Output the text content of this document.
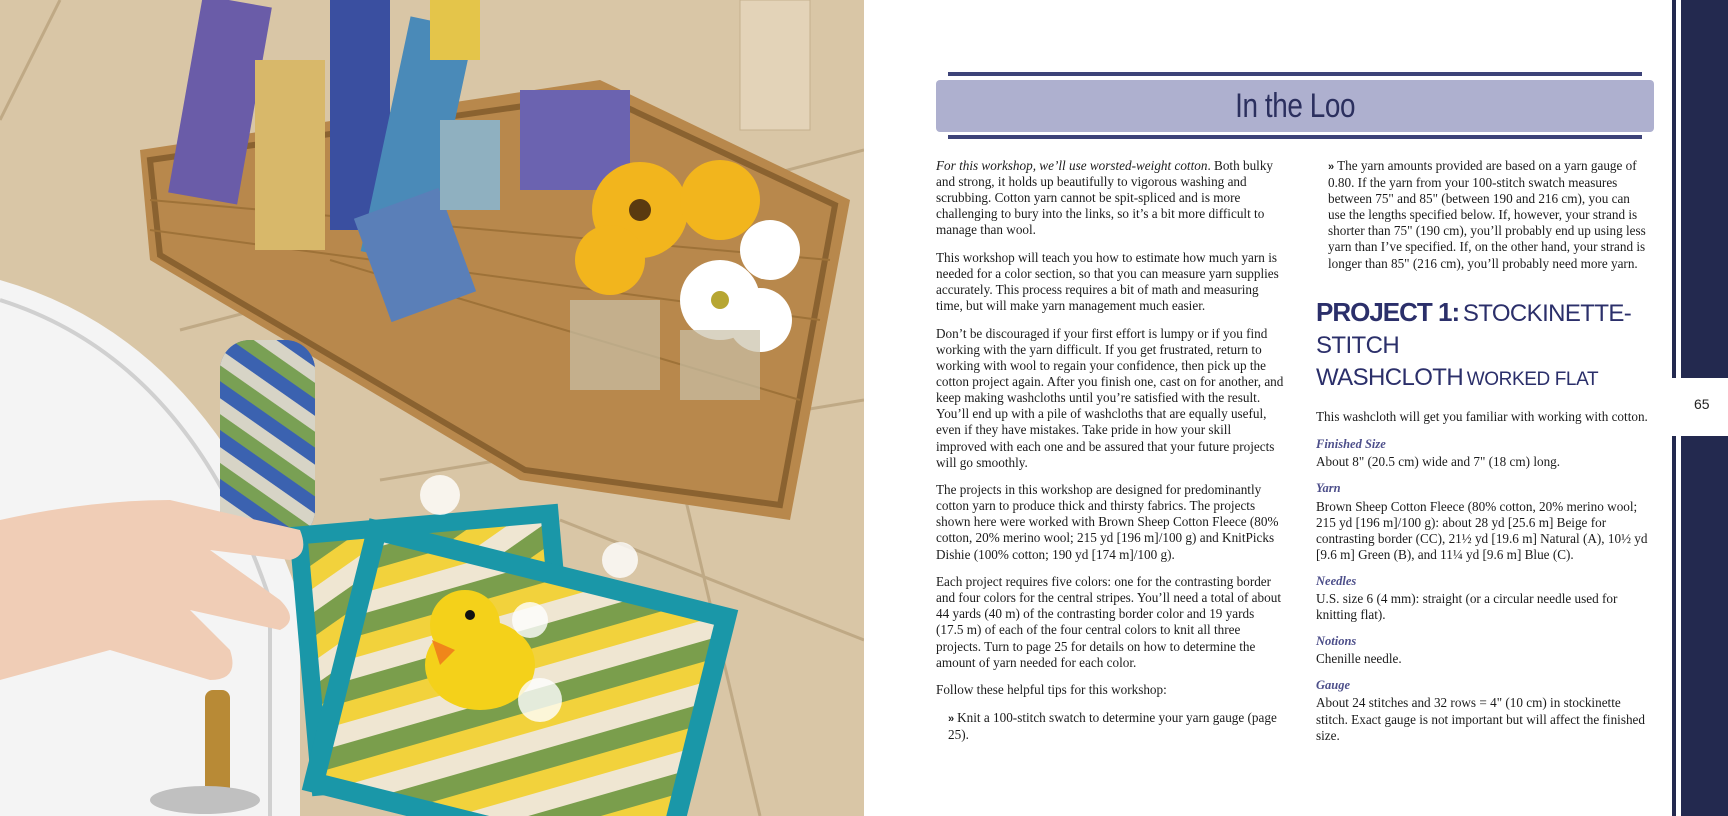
In the Loo

For this workshop, we’ll use worsted-weight cotton. Both bulky and strong, it holds up beautifully to vigorous washing and scrubbing. Cotton yarn cannot be spit-spliced and is more challenging to bury into the links, so it’s a bit more difficult to manage than wool.

This workshop will teach you how to estimate how much yarn is needed for a color section, so that you can measure yarn supplies accurately. This process requires a bit of math and measuring time, but will make yarn management much easier.

Don’t be discouraged if your first effort is lumpy or if you find working with the yarn difficult. If you get frustrated, return to working with wool to regain your confidence, then pick up the cotton project again. After you finish one, cast on for another, and keep making washcloths until you’re satisfied with the result. You’ll end up with a pile of washcloths that are equally useful, even if they have mistakes. Take pride in how your skill improved with each one and be assured that your future projects will go smoothly.

The projects in this workshop are designed for predominantly cotton yarn to produce thick and thirsty fabrics. The projects shown here were worked with Brown Sheep Cotton Fleece (80% cotton, 20% merino wool; 215 yd [196 m]/100 g) and KnitPicks Dishie (100% cotton; 190 yd [174 m]/100 g).

Each project requires five colors: one for the contrasting border and four colors for the central stripes. You’ll need a total of about 44 yards (40 m) of the contrasting border color and 19 yards (17.5 m) of each of the four central colors to knit all three projects. Turn to page 25 for details on how to determine the amount of yarn needed for each color.

Follow these helpful tips for this workshop:

» Knit a 100-stitch swatch to determine your yarn gauge (page 25).

» The yarn amounts provided are based on a yarn gauge of 0.80. If the yarn from your 100-stitch swatch measures between 75" and 85" (between 190 and 216 cm), you can use the lengths specified below. If, however, your strand is shorter than 75" (190 cm), you’ll probably end up using less yarn than I’ve specified. If, on the other hand, your strand is longer than 85" (216 cm), you’ll probably need more yarn.

PROJECT 1: STOCKINETTE-STITCH
WASHCLOTH WORKED FLAT

This washcloth will get you familiar with working with cotton.

Finished Size
About 8" (20.5 cm) wide and 7" (18 cm) long.
Yarn
Brown Sheep Cotton Fleece (80% cotton, 20% merino wool; 215 yd [196 m]/100 g): about 28 yd [25.6 m] Beige for contrasting border (CC), 21½ yd [19.6 m] Natural (A), 10½ yd [9.6 m] Green (B), and 11¼ yd [9.6 m] Blue (C).
Needles
U.S. size 6 (4 mm): straight (or a circular needle used for knitting flat).
Notions
Chenille needle.
Gauge
About 24 stitches and 32 rows = 4" (10 cm) in stockinette stitch. Exact gauge is not important but will affect the finished size.
65
